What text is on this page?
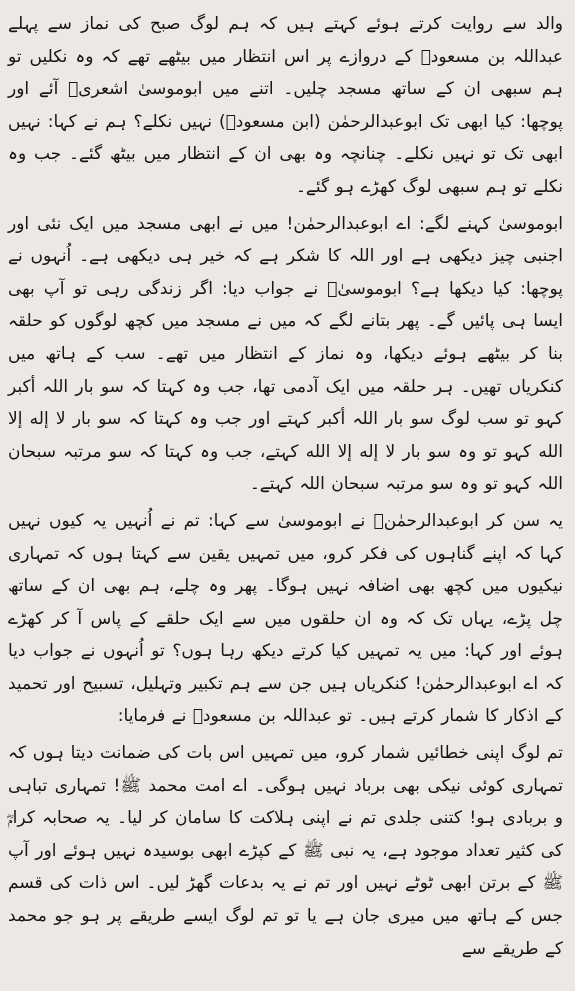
والد سے روایت کرتے ہوئے کہتے ہیں کہ ہم لوگ صبح کی نماز سے پہلے عبداللہ بن مسعودؓ کے دروازے پر اس انتظار میں بیٹھے تھے کہ وہ نکلیں تو ہم سبھی ان کے ساتھ مسجد چلیں۔ اتنے میں ابوموسیٰ اشعریؓ آئے اور پوچھا: کیا ابھی تک ابوعبدالرحمٰن (ابن مسعودؓ) نہیں نکلے؟ ہم نے کہا: نہیں ابھی تک تو نہیں نکلے۔ چنانچہ وہ بھی ان کے انتظار میں بیٹھ گئے۔ جب وہ نکلے تو ہم سبھی لوگ کھڑے ہو گئے۔

ابوموسیٰ کہنے لگے: اے ابوعبدالرحمٰن! میں نے ابھی مسجد میں ایک نئی اور اجنبی چیز دیکھی ہے اور اللہ کا شکر ہے کہ خیر ہی دیکھی ہے۔ اُنہوں نے پوچھا: کیا دیکھا ہے؟ ابوموسیٰؓ نے جواب دیا: اگر زندگی رہی تو آپ بھی ایسا ہی پائیں گے۔ پھر بتانے لگے کہ میں نے مسجد میں کچھ لوگوں کو حلقہ بنا کر بیٹھے ہوئے دیکھا، وہ نماز کے انتظار میں تھے۔ سب کے ہاتھ میں کنکریاں تھیں۔ ہر حلقہ میں ایک آدمی تھا، جب وہ کہتا کہ سو بار اللہ أکبر کہو تو سب لوگ سو بار اللہ أکبر کہتے اور جب وہ کہتا کہ سو بار لا إله إلا الله کہو تو وہ سو بار لا إله إلا الله کہتے، جب وہ کہتا کہ سو مرتبہ سبحان اللہ کہو تو وہ سو مرتبہ سبحان اللہ کہتے۔

یہ سن کر ابوعبدالرحمٰنؓ نے ابوموسیٰ سے کہا: تم نے اُنہیں یہ کیوں نہیں کہا کہ اپنے گناہوں کی فکر کرو، میں تمہیں یقین سے کہتا ہوں کہ تمہاری نیکیوں میں کچھ بھی اضافہ نہیں ہوگا۔ پھر وہ چلے، ہم بھی ان کے ساتھ چل پڑے، یہاں تک کہ وہ ان حلقوں میں سے ایک حلقے کے پاس آ کر کھڑے ہوئے اور کہا: میں یہ تمہیں کیا کرتے دیکھ رہا ہوں؟ تو اُنہوں نے جواب دیا کہ اے ابوعبدالرحمٰن! کنکریاں ہیں جن سے ہم تکبیر وتہلیل، تسبیح اور تحمید کے اذکار کا شمار کرتے ہیں۔ تو عبداللہ بن مسعودؓ نے فرمایا:

تم لوگ اپنی خطائیں شمار کرو، میں تمہیں اس بات کی ضمانت دیتا ہوں کہ تمہاری کوئی نیکی بھی برباد نہیں ہوگی۔ اے امت محمد ﷺ! تمہاری تباہی و بربادی ہو! کتنی جلدی تم نے اپنی ہلاکت کا سامان کر لیا۔ یہ صحابہ کرامؓ کی کثیر تعداد موجود ہے، یہ نبی ﷺ کے کپڑے ابھی بوسیدہ نہیں ہوئے اور آپ ﷺ کے برتن ابھی ٹوٹے نہیں اور تم نے یہ بدعات گھڑ لیں۔ اس ذات کی قسم جس کے ہاتھ میں میری جان ہے یا تو تم لوگ ایسے طریقے پر ہو جو محمد کے طریقے سے
